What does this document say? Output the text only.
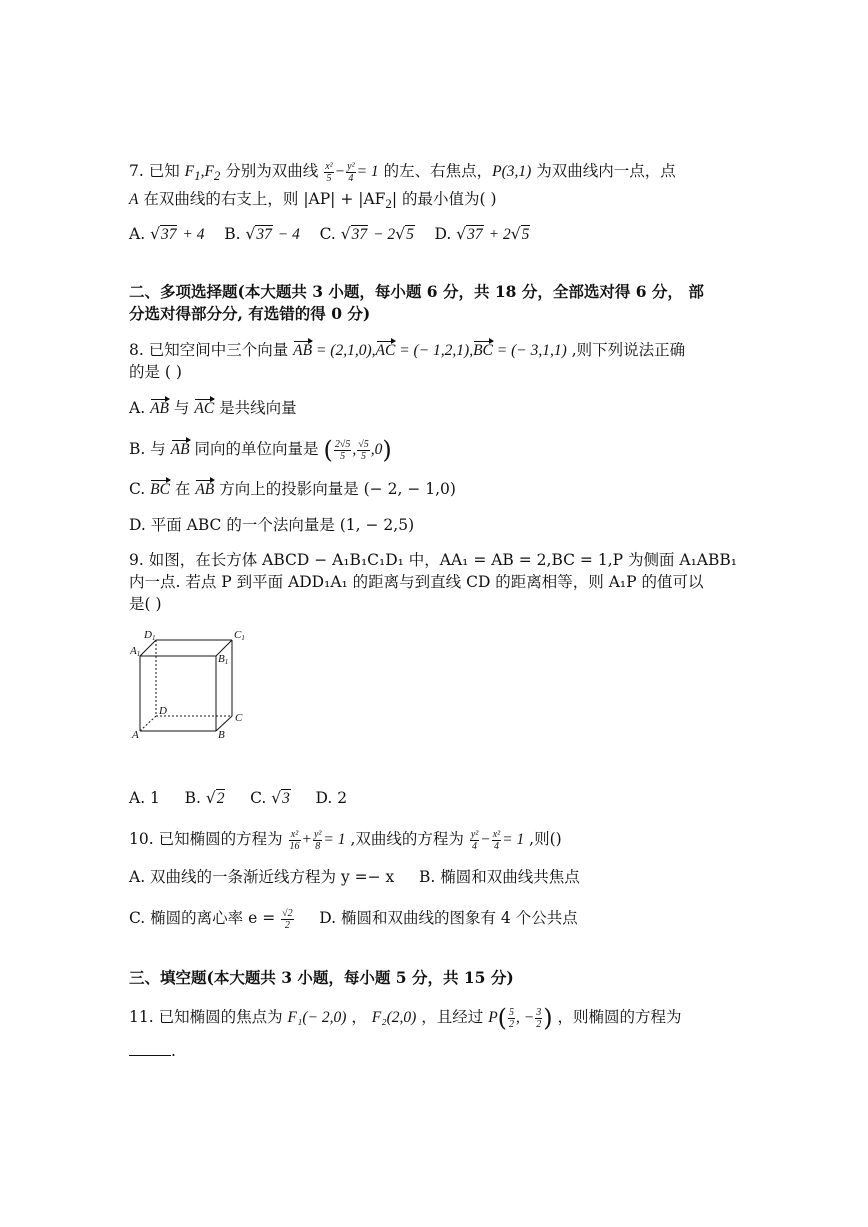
7. 已知 $F_1,F_2$ 分别为双曲线 $\frac{\text{x²}}{5} - \frac{\text{y²}}{4} = 1$ 的左、右焦点，P(3,1) 为双曲线内一点，点
A 在双曲线的右支上，则 $|AP| + |AF_2|$ 的最小值为( )
A. √37 + 4 B. √37 − 4 C. √37 − 2√5 D. √37 + 2√5
二、多项选择题(本大题共 3 小题，每小题 6 分，共 18 分，全部选对得 6 分， 部
分选对得部分分, 有选错的得 0 分)
8. 已知空间中三个向量 AB = (2,1,0),AC = (− 1,2,1),BC = (− 3,1,1) ,则下列说法正确
的是 ( )
A. AB 与 AC 是共线向量
B. 与 AB 同向的单位向量是 ( $\frac{2√5}{5}$ , $\frac{√5}{5} ,0$)
C. BC 在 AB 方向上的投影向量是 (− 2, − 1,0)
D. 平面 ABC 的一个法向量是 (1, − 2,5)
9. 如图，在长方体 ABCD − A₁B₁C₁D₁ 中，AA₁ = AB = 2,BC = 1,P 为侧面 A₁ABB₁
内一点. 若点 P 到平面 ADD₁A₁ 的距离与到直线 CD 的距离相等，则 A₁P 的值可以
是( )
D1	C1
A1	B1
D
C
A	B
A. 1 B. √2 C. √3 D. 2
10. 已知椭圆的方程为 $\frac{\text{x²}}{16} + \frac{\text{y²}}{8} = 1$ ,双曲线的方程为 $\frac{\text{y²}}{4} - \frac{\text{x²}}{4} = 1$ ,则()
A. 双曲线的一条渐近线方程为 y =− x B. 椭圆和双曲线共焦点
C. 椭圆的离心率 $e = \frac{√2}{2} D$. 椭圆和双曲线的图象有 4 个公共点
三、填空题(本大题共 3 小题，每小题 5 分，共 15 分)
11. 已知椭圆的焦点为 F₁(− 2,0) ， F₂(2,0) ，且经过 $P( \frac{5}{2}$ , − $\frac{3}{2}$ ) ，则椭圆的方程为
.
